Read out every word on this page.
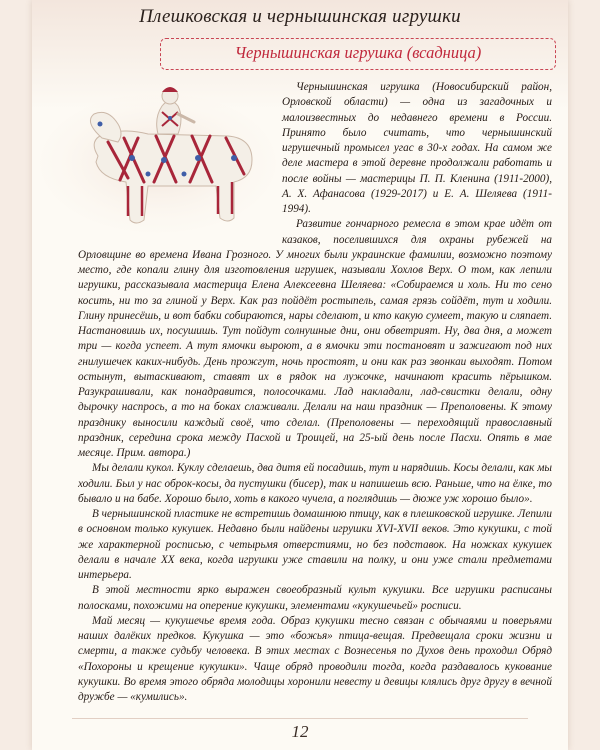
Плешковская и чернышинская игрушки
Чернышинская игрушка (всадница)

Чернышинская игрушка (Новосибирский район, Орловской области) — одна из загадочных и малоизвестных до недавнего времени в России. Принято было считать, что чернышинский игрушечный промысел угас в 30-х годах. На самом же деле мастера в этой деревне продолжали работать и после войны — мастерицы П. П. Кленина (1911-2000), А. Х. Афанасова (1929-2017) и Е. А. Шеляева (1911-1994).

Развитие гончарного ремесла в этом крае идёт от казаков, поселившихся для охраны рубежей на Орловщине во времена Ивана Грозного. У многих были украинские фамилии, возможно поэтому место, где копали глину для изготовления игрушек, называли Хохлов Верх. О том, как лепили игрушки, рассказывала мастерица Елена Алексеевна Шеляева: «Собираемся и холь. Ни то сено косить, ни то за глиной у Верх. Как раз пойдёт ростыпель, самая грязь сойдёт, тут и ходили. Глину принесёшь, и вот бабки собираются, нары сделают, и кто какую сумеет, такую и сляпает. Настановишь их, посушишь. Тут пойдут солнушные дни, они обветрият. Ну, два дня, а может три — когда успеет. А тут ямочки выроют, а в ямочки эти постановят и зажигают под них гнилушечек каких-нибудь. День прожгут, ночь простоят, и они как раз звонкаи выходят. Потом остынут, вытаскивают, ставят их в рядок на лужочке, начинают красить пёрышком. Разукрашивали, как понадравится, полосочками. Лад накладали, лад-свистки делали, одну дырочку наспрось, а то на боках слаживали. Делали на наш праздник — Преполовены. К этому празднику выносили каждый своё, что сделал. (Преполовены — переходящий православный праздник, середина срока между Пасхой и Троицей, на 25-ый день после Пасхи. Опять в мае месяце. Прим. автора.)

Мы делали кукол. Куклу сделаешь, два дитя ей посадишь, тут и нарядишь. Косы делали, как мы ходили. Был у нас оброк-косы, да пустушки (бисер), так и напишешь всю. Раньше, что на ёлке, то бывало и на бабе. Хорошо было, хоть в какого чучела, а поглядишь — дюже уж хорошо было».

В чернышинской пластике не встретишь домашнюю птицу, как в плешковской игрушке. Лепили в основном только кукушек. Недавно были найдены игрушки XVI-XVII веков. Это кукушки, с той же характерной росписью, с четырьмя отверстиями, но без подставок. На ножках кукушек делали в начале XX века, когда игрушки уже ставили на полку, и они уже стали предметами интерьера.

В этой местности ярко выражен своеобразный культ кукушки. Все игрушки расписаны полосками, похожими на оперение кукушки, элементами «кукушечьей» росписи.

Май месяц — кукушечье время года. Образ кукушки тесно связан с обычаями и поверьями наших далёких предков. Кукушка — это «божья» птица-вещая. Предвещала сроки жизни и смерти, а также судьбу человека. В этих местах с Вознесенья по Духов день проходил Обряд «Похороны и крещение кукушки». Чаще обряд проводили тогда, когда раздавалось кукование кукушки. Во время этого обряда молодицы хоронили невесту и девицы клялись друг другу в вечной дружбе — «кумились».

12
